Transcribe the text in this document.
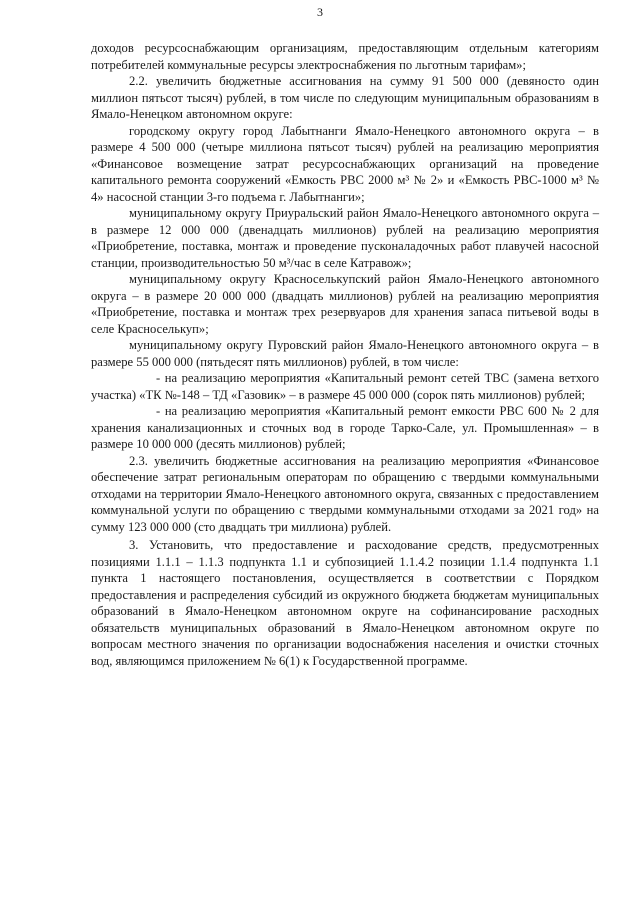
3

доходов ресурсоснабжающим организациям, предоставляющим отдельным категориям потребителей коммунальные ресурсы электроснабжения по льготным тарифам»;

2.2. увеличить бюджетные ассигнования на сумму 91 500 000 (девяносто один миллион пятьсот тысяч) рублей, в том числе по следующим муниципальным образованиям в Ямало-Ненецком автономном округе:

городскому округу город Лабытнанги Ямало-Ненецкого автономного округа – в размере 4 500 000 (четыре миллиона пятьсот тысяч) рублей на реализацию мероприятия «Финансовое возмещение затрат ресурсоснабжающих организаций на проведение капитального ремонта сооружений «Емкость РВС 2000 м³ № 2» и «Емкость РВС-1000 м³ № 4» насосной станции 3-го подъема г. Лабытнанги»;

муниципальному округу Приуральский район Ямало-Ненецкого автономного округа – в размере 12 000 000 (двенадцать миллионов) рублей на реализацию мероприятия «Приобретение, поставка, монтаж и проведение пусконаладочных работ плавучей насосной станции, производительностью 50 м³/час в селе Катравож»;

муниципальному округу Красноселькупский район Ямало-Ненецкого автономного округа – в размере 20 000 000 (двадцать миллионов) рублей на реализацию мероприятия «Приобретение, поставка и монтаж трех резервуаров для хранения запаса питьевой воды в селе Красноселькуп»;

муниципальному округу Пуровский район Ямало-Ненецкого автономного округа – в размере 55 000 000 (пятьдесят пять миллионов) рублей, в том числе:

- на реализацию мероприятия «Капитальный ремонт сетей ТВС (замена ветхого участка) «ТК №-148 – ТД «Газовик» – в размере 45 000 000 (сорок пять миллионов) рублей;

- на реализацию мероприятия «Капитальный ремонт емкости РВС 600 № 2 для хранения канализационных и сточных вод в городе Тарко-Сале, ул. Промышленная» – в размере 10 000 000 (десять миллионов) рублей;

2.3. увеличить бюджетные ассигнования на реализацию мероприятия «Финансовое обеспечение затрат региональным операторам по обращению с твердыми коммунальными отходами на территории Ямало-Ненецкого автономного округа, связанных с предоставлением коммунальной услуги по обращению с твердыми коммунальными отходами за 2021 год» на сумму 123 000 000 (сто двадцать три миллиона) рублей.

3. Установить, что предоставление и расходование средств, предусмотренных позициями 1.1.1 – 1.1.3 подпункта 1.1 и субпозицией 1.1.4.2 позиции 1.1.4 подпункта 1.1 пункта 1 настоящего постановления, осуществляется в соответствии с Порядком предоставления и распределения субсидий из окружного бюджета бюджетам муниципальных образований в Ямало-Ненецком автономном округе на софинансирование расходных обязательств муниципальных образований в Ямало-Ненецком автономном округе по вопросам местного значения по организации водоснабжения населения и очистки сточных вод, являющимся приложением № 6(1) к Государственной программе.
